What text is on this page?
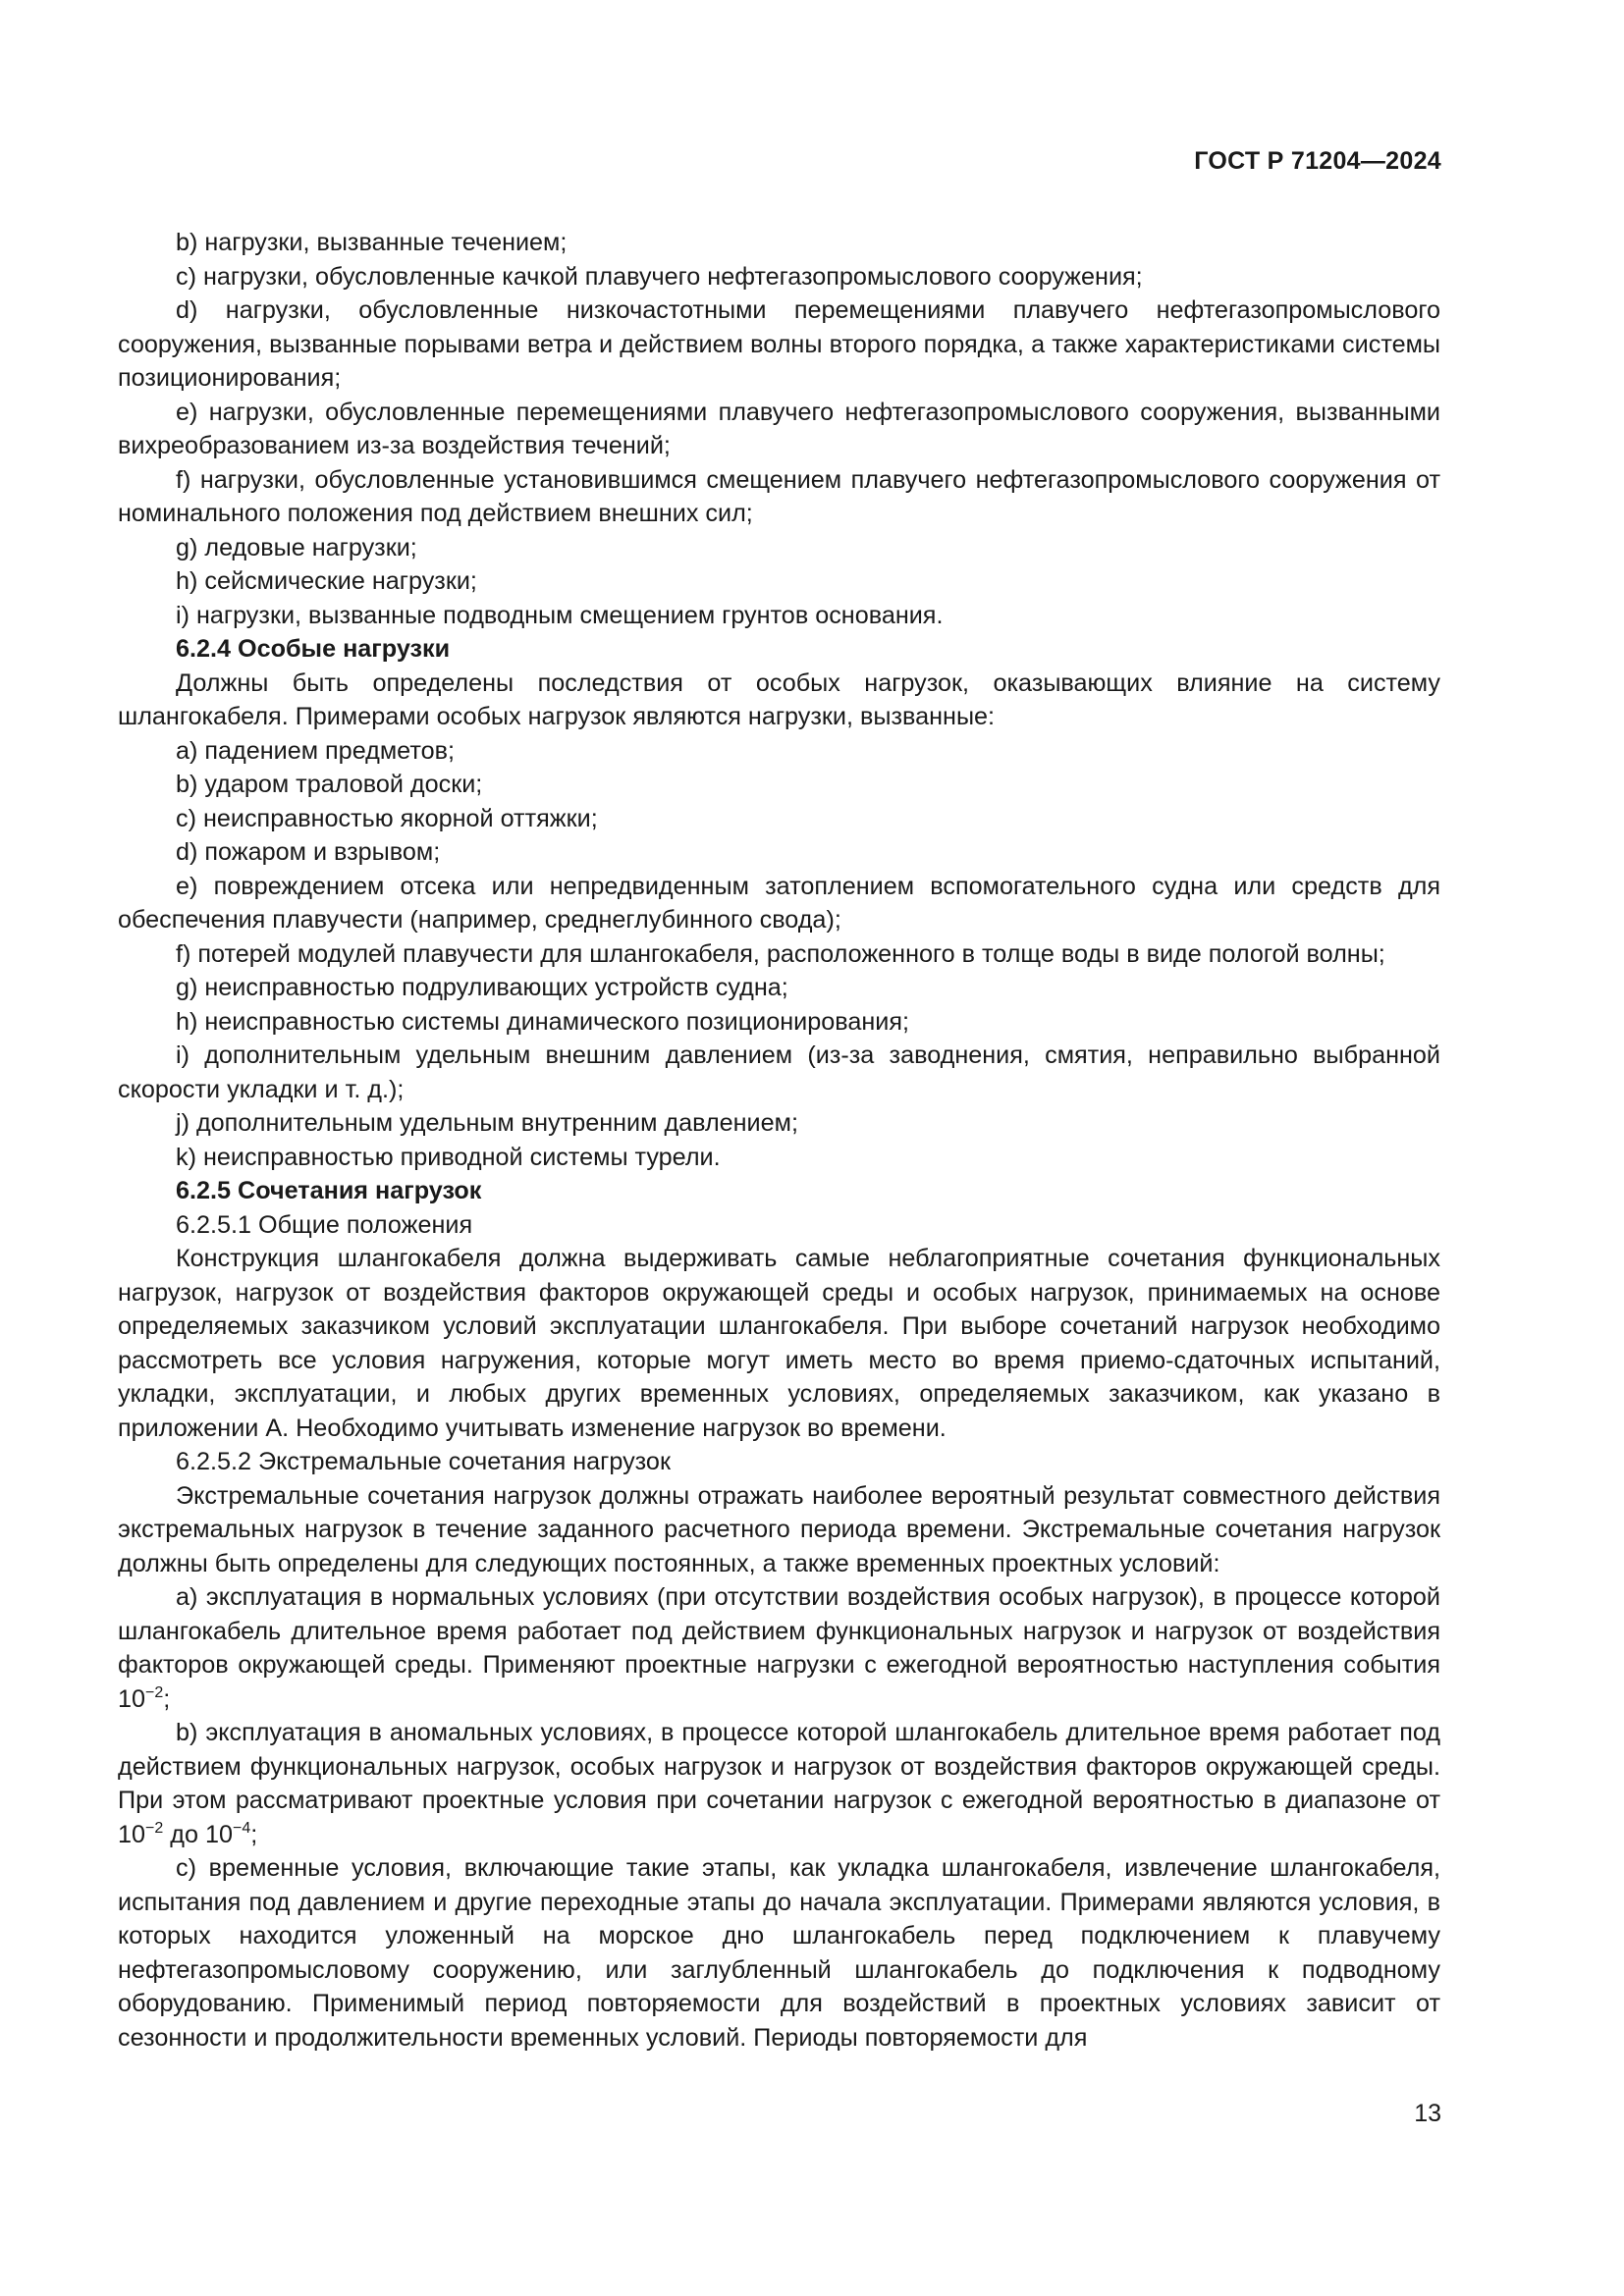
ГОСТ Р 71204—2024

b) нагрузки, вызванные течением;

c) нагрузки, обусловленные качкой плавучего нефтегазопромыслового сооружения;

d) нагрузки, обусловленные низкочастотными перемещениями плавучего нефтегазопромыслового сооружения, вызванные порывами ветра и действием волны второго порядка, а также характеристиками системы позиционирования;

e) нагрузки, обусловленные перемещениями плавучего нефтегазопромыслового сооружения, вызванными вихреобразованием из-за воздействия течений;

f) нагрузки, обусловленные установившимся смещением плавучего нефтегазопромыслового сооружения от номинального положения под действием внешних сил;

g) ледовые нагрузки;

h) сейсмические нагрузки;

i) нагрузки, вызванные подводным смещением грунтов основания.

6.2.4 Особые нагрузки

Должны быть определены последствия от особых нагрузок, оказывающих влияние на систему шлангокабеля. Примерами особых нагрузок являются нагрузки, вызванные:

a) падением предметов;

b) ударом траловой доски;

c) неисправностью якорной оттяжки;

d) пожаром и взрывом;

e) повреждением отсека или непредвиденным затоплением вспомогательного судна или средств для обеспечения плавучести (например, среднеглубинного свода);

f) потерей модулей плавучести для шлангокабеля, расположенного в толще воды в виде пологой волны;

g) неисправностью подруливающих устройств судна;

h) неисправностью системы динамического позиционирования;

i) дополнительным удельным внешним давлением (из-за заводнения, смятия, неправильно выбранной скорости укладки и т. д.);

j) дополнительным удельным внутренним давлением;

k) неисправностью приводной системы турели.

6.2.5 Сочетания нагрузок

6.2.5.1 Общие положения

Конструкция шлангокабеля должна выдерживать самые неблагоприятные сочетания функциональных нагрузок, нагрузок от воздействия факторов окружающей среды и особых нагрузок, принимаемых на основе определяемых заказчиком условий эксплуатации шлангокабеля. При выборе сочетаний нагрузок необходимо рассмотреть все условия нагружения, которые могут иметь место во время приемо-сдаточных испытаний, укладки, эксплуатации, и любых других временных условиях, определяемых заказчиком, как указано в приложении А. Необходимо учитывать изменение нагрузок во времени.

6.2.5.2 Экстремальные сочетания нагрузок

Экстремальные сочетания нагрузок должны отражать наиболее вероятный результат совместного действия экстремальных нагрузок в течение заданного расчетного периода времени. Экстремальные сочетания нагрузок должны быть определены для следующих постоянных, а также временных проектных условий:

a) эксплуатация в нормальных условиях (при отсутствии воздействия особых нагрузок), в процессе которой шлангокабель длительное время работает под действием функциональных нагрузок и нагрузок от воздействия факторов окружающей среды. Применяют проектные нагрузки с ежегодной вероятностью наступления события $10^{-2}$;

b) эксплуатация в аномальных условиях, в процессе которой шлангокабель длительное время работает под действием функциональных нагрузок, особых нагрузок и нагрузок от воздействия факторов окружающей среды. При этом рассматривают проектные условия при сочетании нагрузок с ежегодной вероятностью в диапазоне от $10^{-2}$ до $10^{-4}$;

c) временные условия, включающие такие этапы, как укладка шлангокабеля, извлечение шлангокабеля, испытания под давлением и другие переходные этапы до начала эксплуатации. Примерами являются условия, в которых находится уложенный на морское дно шлангокабель перед подключением к плавучему нефтегазопромысловому сооружению, или заглубленный шлангокабель до подключения к подводному оборудованию. Применимый период повторяемости для воздействий в проектных условиях зависит от сезонности и продолжительности временных условий. Периоды повторяемости для

13
